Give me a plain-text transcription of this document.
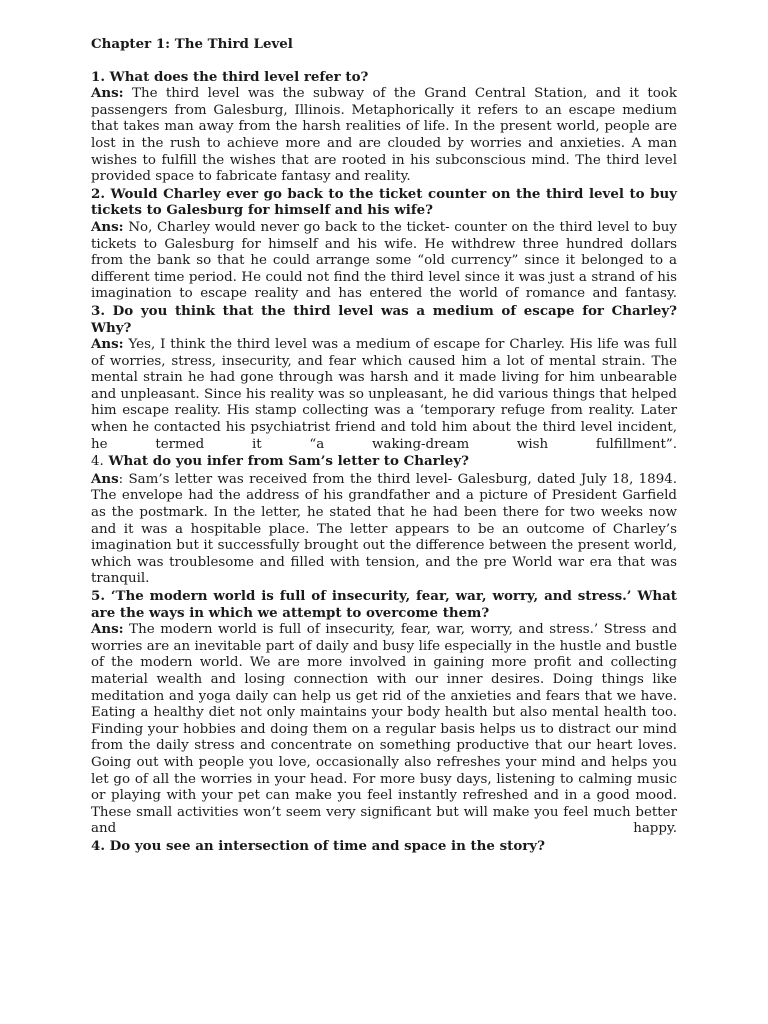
Chapter 1: The Third Level

1. What does the third level refer to?

Ans: The third level was the subway of the Grand Central Station, and it took passengers from Galesburg, Illinois. Metaphorically it refers to an escape medium that takes man away from the harsh realities of life. In the present world, people are lost in the rush to achieve more and are clouded by worries and anxieties. A man wishes to fulfill the wishes that are rooted in his subconscious mind. The third level provided space to fabricate fantasy and reality.

2. Would Charley ever go back to the ticket counter on the third level to buy tickets to Galesburg for himself and his wife?

Ans: No, Charley would never go back to the ticket- counter on the third level to buy tickets to Galesburg for himself and his wife. He withdrew three hundred dollars from the bank so that he could arrange some “old currency” since it belonged to a different time period. He could not find the third level since it was just a strand of his imagination to escape reality and has entered the world of romance and fantasy.

3. Do you think that the third level was a medium of escape for Charley? Why?

Ans: Yes, I think the third level was a medium of escape for Charley. His life was full of worries, stress, insecurity, and fear which caused him a lot of mental strain. The mental strain he had gone through was harsh and it made living for him unbearable and unpleasant. Since his reality was so unpleasant, he did various things that helped him escape reality. His stamp collecting was a ‘temporary refuge from reality. Later when he contacted his psychiatrist friend and told him about the third level incident, he termed it “a waking-dream wish fulfillment”.

4. What do you infer from Sam’s letter to Charley?

Ans: Sam’s letter was received from the third level- Galesburg, dated July 18, 1894. The envelope had the address of his grandfather and a picture of President Garfield as the postmark. In the letter, he stated that he had been there for two weeks now and it was a hospitable place. The letter appears to be an outcome of Charley’s imagination but it successfully brought out the difference between the present world, which was troublesome and filled with tension, and the pre World war era that was tranquil.

5. ‘The modern world is full of insecurity, fear, war, worry, and stress.’ What are the ways in which we attempt to overcome them?

Ans: The modern world is full of insecurity, fear, war, worry, and stress.’ Stress and worries are an inevitable part of daily and busy life especially in the hustle and bustle of the modern world. We are more involved in gaining more profit and collecting material wealth and losing connection with our inner desires. Doing things like meditation and yoga daily can help us get rid of the anxieties and fears that we have. Eating a healthy diet not only maintains your body health but also mental health too. Finding your hobbies and doing them on a regular basis helps us to distract our mind from the daily stress and concentrate on something productive that our heart loves. Going out with people you love, occasionally also refreshes your mind and helps you let go of all the worries in your head. For more busy days, listening to calming music or playing with your pet can make you feel instantly refreshed and in a good mood. These small activities won’t seem very significant but will make you feel much better and happy.

4. Do you see an intersection of time and space in the story?
